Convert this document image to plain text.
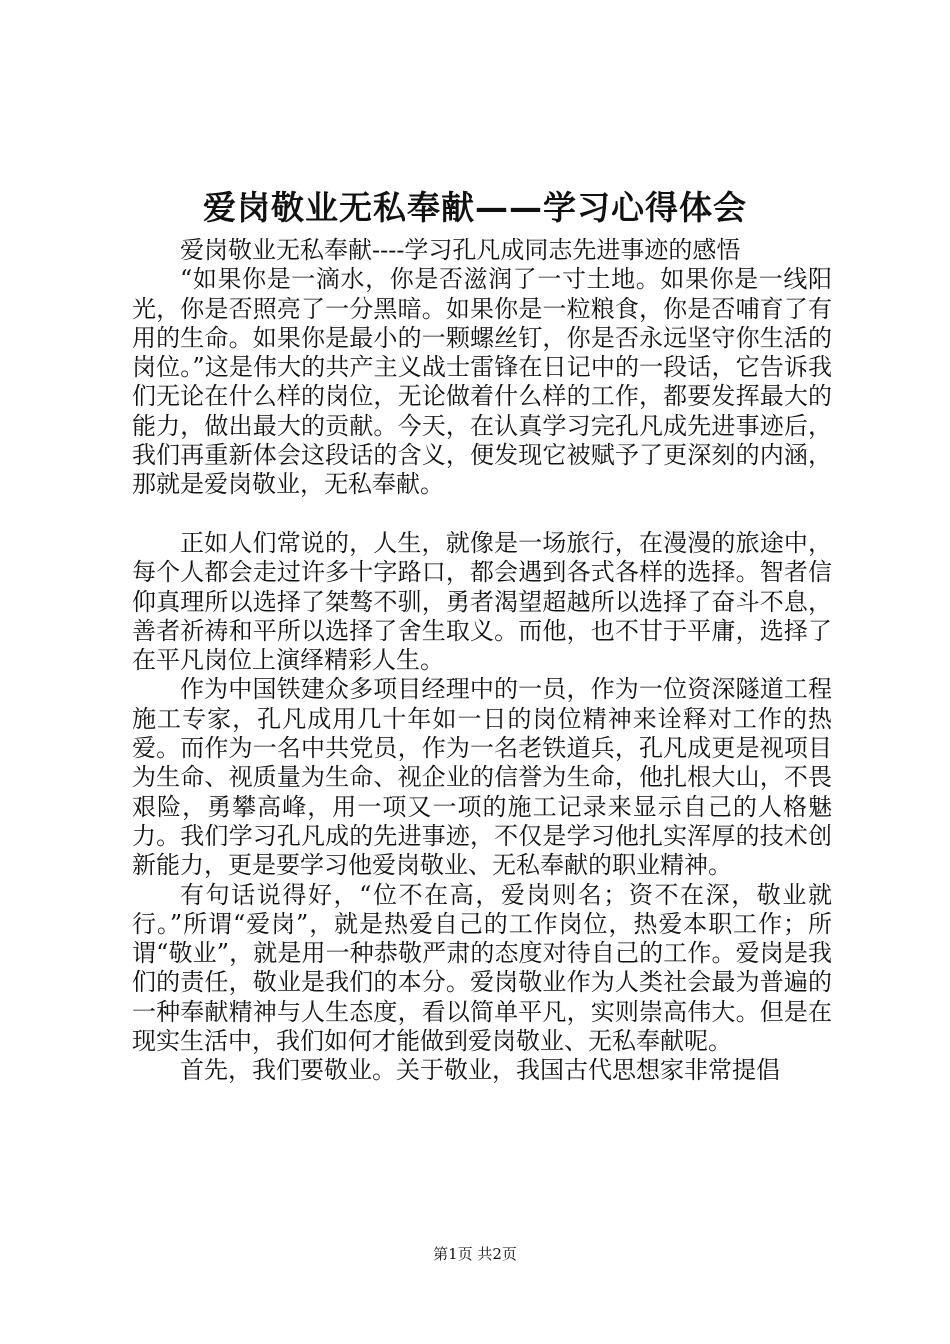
爱岗敬业无私奉献——学习心得体会

爱岗敬业无私奉献----学习孔凡成同志先进事迹的感悟

“如果你是一滴水，你是否滋润了一寸土地。如果你是一线阳光，你是否照亮了一分黑暗。如果你是一粒粮食，你是否哺育了有用的生命。如果你是最小的一颗螺丝钉，你是否永远坚守你生活的岗位。”这是伟大的共产主义战士雷锋在日记中的一段话，它告诉我们无论在什么样的岗位，无论做着什么样的工作，都要发挥最大的能力，做出最大的贡献。今天，在认真学习完孔凡成先进事迹后，我们再重新体会这段话的含义，便发现它被赋予了更深刻的内涵，那就是爱岗敬业，无私奉献。

正如人们常说的，人生，就像是一场旅行，在漫漫的旅途中，每个人都会走过许多十字路口，都会遇到各式各样的选择。智者信仰真理所以选择了桀骜不驯，勇者渴望超越所以选择了奋斗不息，善者祈祷和平所以选择了舍生取义。而他，也不甘于平庸，选择了在平凡岗位上演绎精彩人生。

作为中国铁建众多项目经理中的一员，作为一位资深隧道工程施工专家，孔凡成用几十年如一日的岗位精神来诠释对工作的热爱。而作为一名中共党员，作为一名老铁道兵，孔凡成更是视项目为生命、视质量为生命、视企业的信誉为生命，他扎根大山，不畏艰险，勇攀高峰，用一项又一项的施工记录来显示自己的人格魅力。我们学习孔凡成的先进事迹，不仅是学习他扎实浑厚的技术创新能力，更是要学习他爱岗敬业、无私奉献的职业精神。

有句话说得好，“位不在高，爱岗则名；资不在深，敬业就行。”所谓“爱岗”，就是热爱自己的工作岗位，热爱本职工作；所谓“敬业”，就是用一种恭敬严肃的态度对待自己的工作。爱岗是我们的责任，敬业是我们的本分。爱岗敬业作为人类社会最为普遍的一种奉献精神与人生态度，看以简单平凡，实则崇高伟大。但是在现实生活中，我们如何才能做到爱岗敬业、无私奉献呢。

首先，我们要敬业。关于敬业，我国古代思想家非常提倡

第1页 共2页
